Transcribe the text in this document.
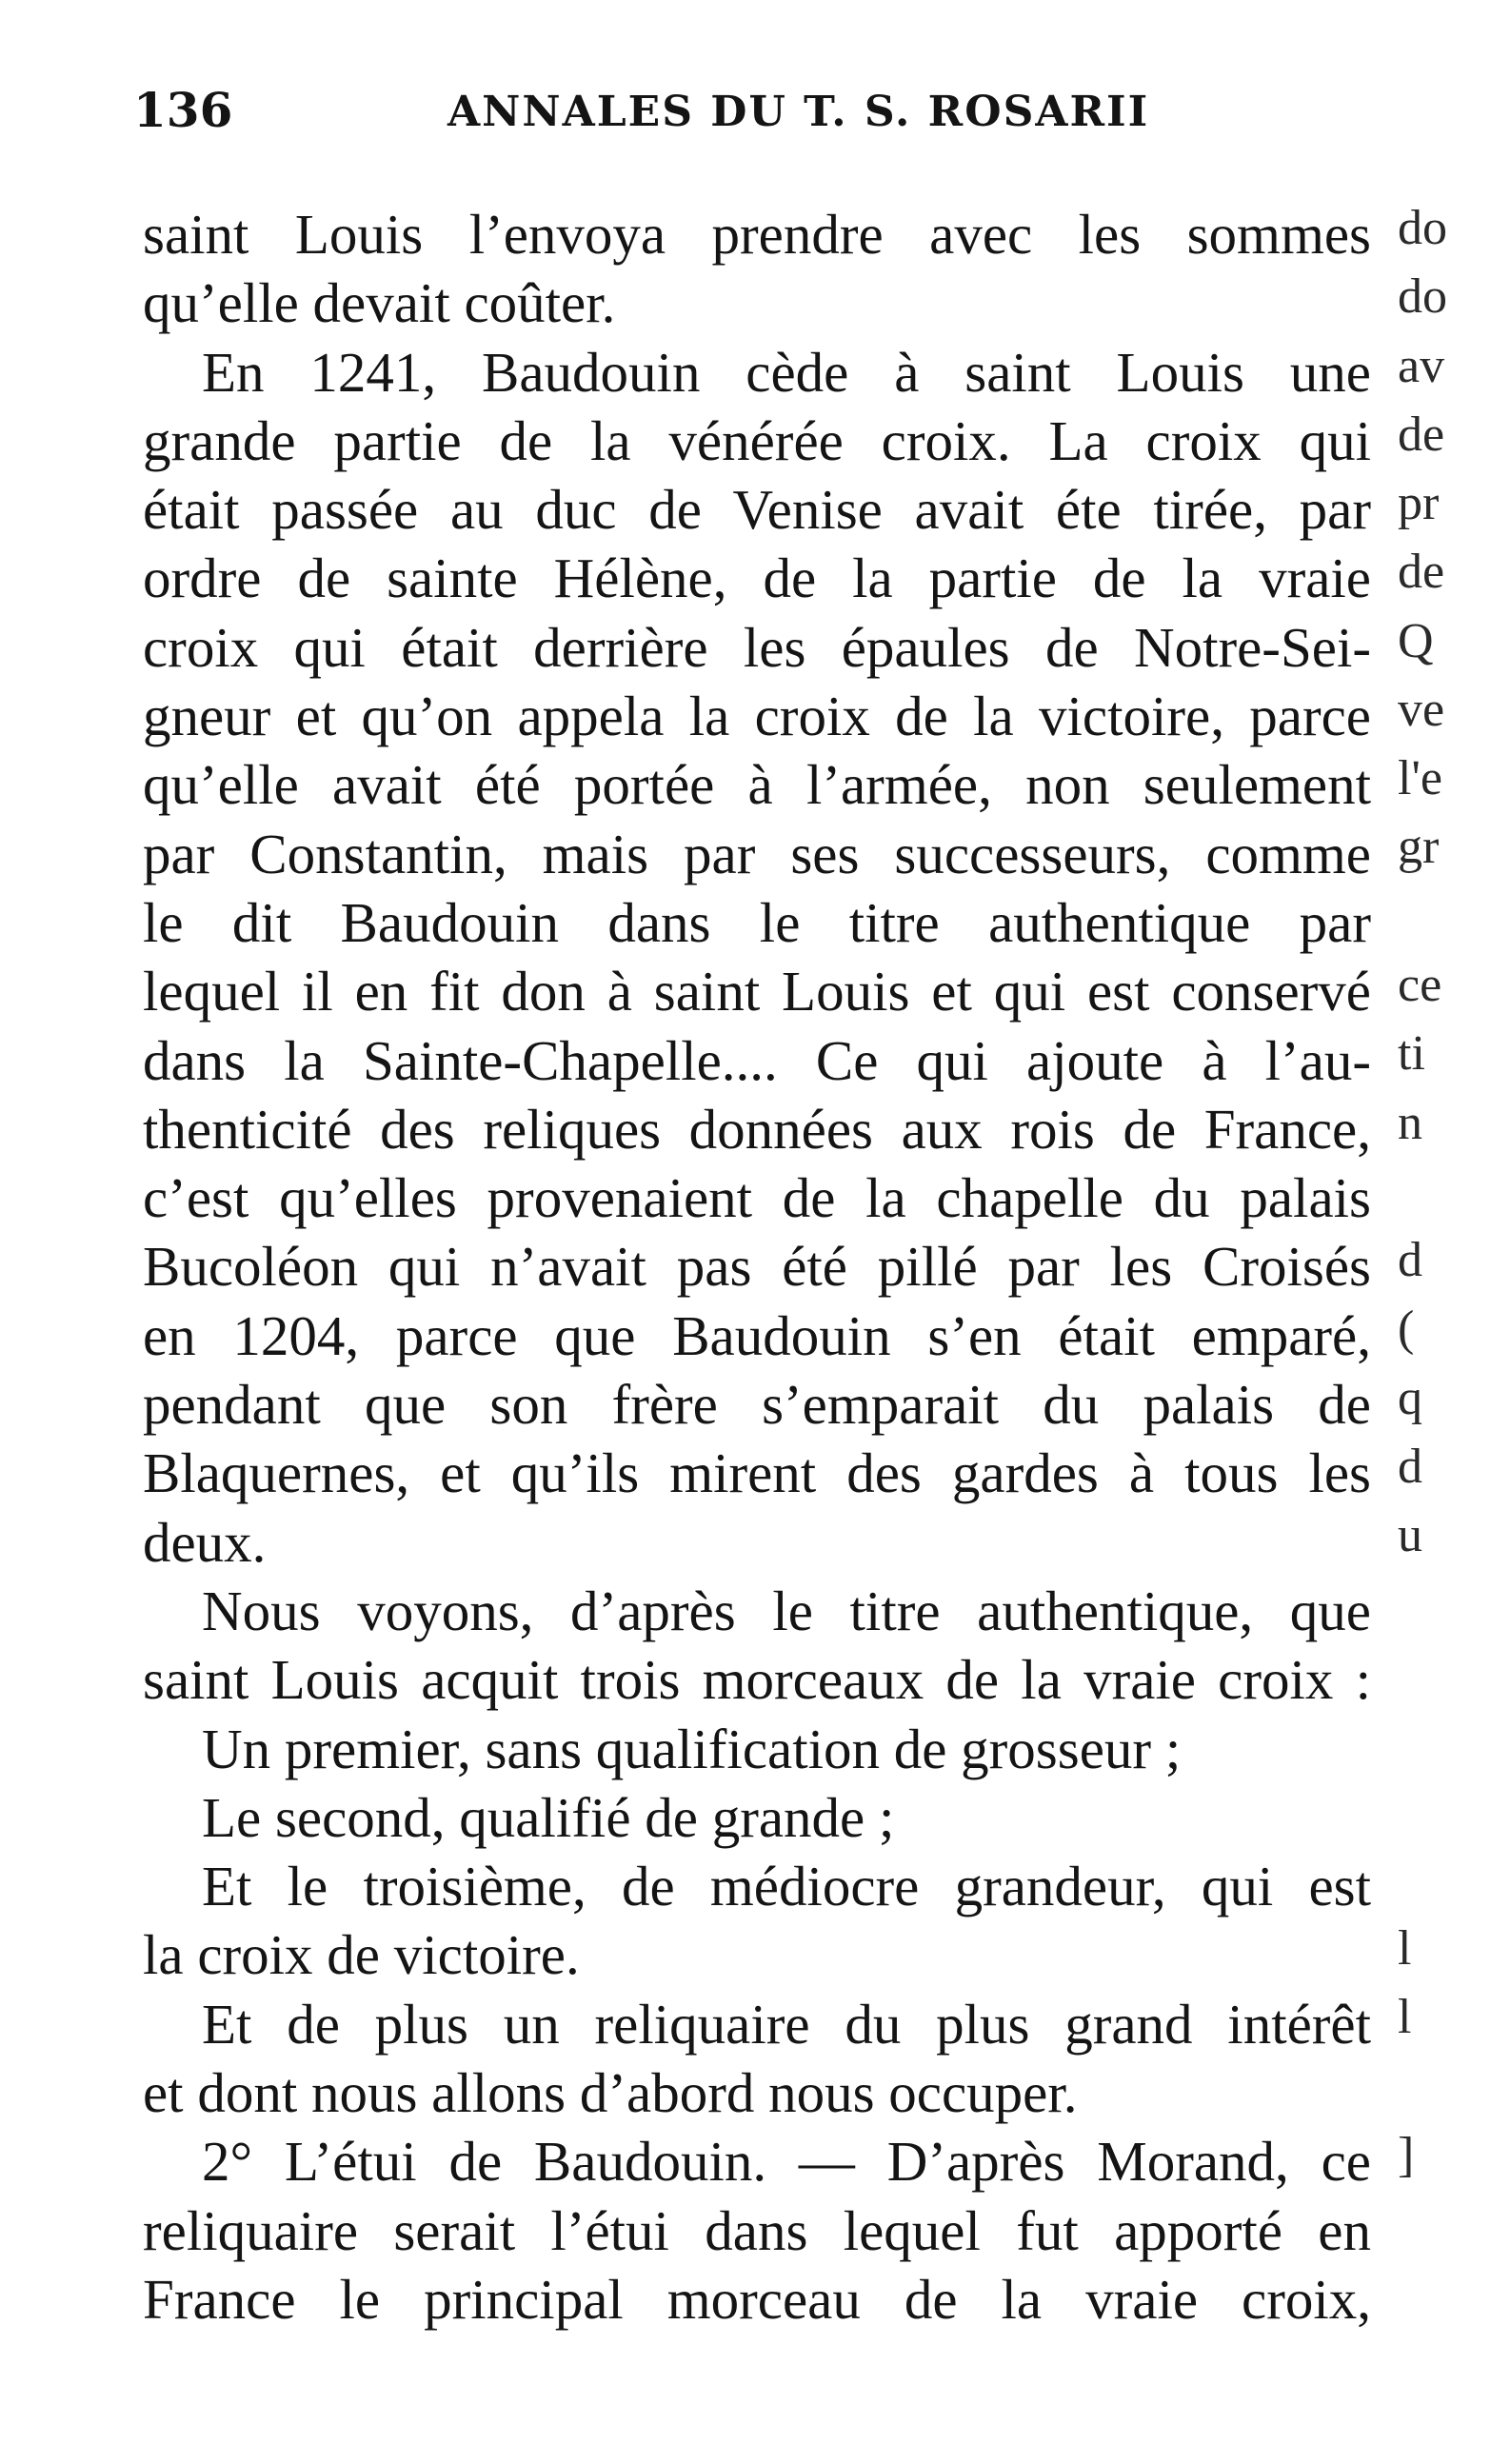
136	ANNALES DU T. S. ROSARII
saint Louis l’envoya prendre avec les sommes
qu’elle devait coûter.
En 1241, Baudouin cède à saint Louis une
grande partie de la vénérée croix. La croix qui
était passée au duc de Venise avait éte tirée, par
ordre de sainte Hélène, de la partie de la vraie
croix qui était derrière les épaules de Notre-Sei-
gneur et qu’on appela la croix de la victoire, parce
qu’elle avait été portée à l’armée, non seulement
par Constantin, mais par ses successeurs, comme
le dit Baudouin dans le titre authentique par
lequel il en fit don à saint Louis et qui est conservé
dans la Sainte-Chapelle.... Ce qui ajoute à l’au-
thenticité des reliques données aux rois de France,
c’est qu’elles provenaient de la chapelle du palais
Bucoléon qui n’avait pas été pillé par les Croisés
en 1204, parce que Baudouin s’en était emparé,
pendant que son frère s’emparait du palais de
Blaquernes, et qu’ils mirent des gardes à tous les
deux.
Nous voyons, d’après le titre authentique, que
saint Louis acquit trois morceaux de la vraie croix :
Un premier, sans qualification de grosseur ;
Le second, qualifié de grande ;
Et le troisième, de médiocre grandeur, qui est
la croix de victoire.
Et de plus un reliquaire du plus grand intérêt
et dont nous allons d’abord nous occuper.
2° L’étui de Baudouin. — D’après Morand, ce
reliquaire serait l’étui dans lequel fut apporté en
France le principal morceau de la vraie croix,
do
do
av
de
pr
de
Q
ve
l'e
gr
ce
ti
n
d
(
q
d
u
l
l
]
